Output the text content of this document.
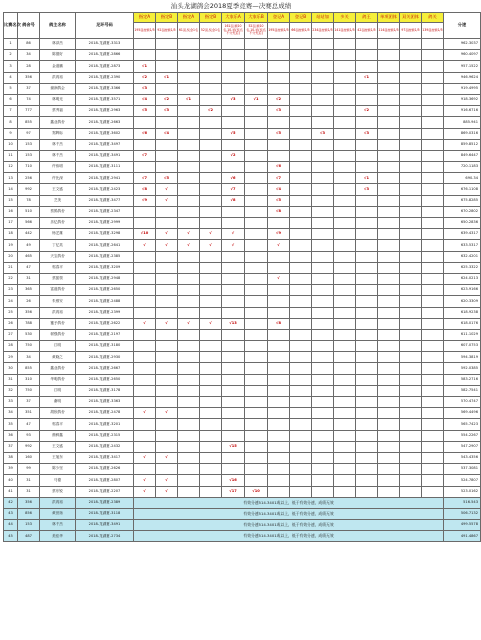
汕头龙湖鸽会2018夏季竞赛—决赛总成绩
比赛名次	鸽舍号	鸽主名称	足环号码	指定A	指定B	指定A	指定B	大家乐A	大家乐B	登记A	登记B	站站加	多关	鸽王	单项团体	双关团体	鸽关	分速
				195羽按额1/5	92羽按额1/5	61羽,奖金1名	52羽,奖金1名	161羽,额10名,10-奖(奖名不分先后)	52羽,额10名,10-奖(奖名不分先后)	195羽按额1/5	66羽按额1/5	234羽按额1/5	141羽按额1/5	42羽按额1/5	114羽按额1/5	97羽按额1/5	139羽按额1/5	
1	86	林泽杰	2018-龙湖夏-3313															962.3037
2	34	陈德好	2018-龙湖夏-2866															960.4097
3	28	金道鹏	2018-龙湖夏-2873	√1														957.1522
4	356	洪再裕	2018-龙湖夏-2390	√2	√1									√1				946.9624
5	37	谢润鸽会	2018-龙湖夏-3366	√3														919.4995
6	74	林明光	2018-龙湖夏-3571	√4	√2	√1		√3	√1	√2								918.3692
7	777	蔡秀福	2018-龙湖夏-2963	√5	√3		√2			√3				√2				916.6716
8	855	鑫业鸽舍	2018-龙湖夏-2663															885.941
9	97	郑辉标	2018-龙湖夏-3602	√6	√4			√5		√5		√3		√3				869.0316
10	153	林千杰	2018-龙湖夏-3497															859.8512
11	153	林千杰	2018-龙湖夏-3491	√7				√2										849.6447
12	710	许伟明	2018-龙湖夏-3111							√6								720.1183
13	256	许比深	2018-龙湖夏-2941	√7	√5			√6		√7				√1				690.34
14	992	王文盛	2018-龙湖夏-2423	√8	√			√7		√4				√3				676.1108
15	78	芝美	2018-龙湖夏-3477	√9	√			√8		√5								675.8285
16	510	蔡鸽鸽舍	2018-龙湖夏-2347							√8								670.2802
17	566	乐亿鸽舍	2018-龙湖夏-2999															650.2836
18	442	杨艺雄	2018-龙湖夏-3298	√10	√	√	√	√		√9								639.4317
19	49	丁亿英	2018-龙湖夏-2641	√	√	√	√	√		√								633.5317
20	465	天宝鸽舍	2018-龙湖夏-2385															632.4201
21	47	郭春平	2018-龙湖夏-3209															625.3322
22	31	蔡振领	2018-龙湖夏-2948							√								624.0213
23	365	富道鸽舍	2018-龙湖夏-2650															623.9166
24	26	朱维安	2018-龙湖夏-2488															620.3309
25	356	洪再裕	2018-龙湖夏-2399															618.9238
26	788	蹇予鸽舍	2018-龙湖夏-2622	√	√	√	√	√13		√8								618.0176
27	530	树强鸽舍	2018-龙湖夏-2197															611.1029
28	750	江明	2018-龙湖夏-3180															607.0753
29	34	黄晓之	2018-龙湖夏-2930															594.3819
30	855	鑫业鸽舍	2018-龙湖夏-2667															592.0385
31	310	华明鸽舍	2018-龙湖夏-2650															583.2716
32	750	江明	2018-龙湖夏-3178															582.7541
33	37	谢明	2018-龙湖夏-3363															570.4747
34	351	胡欣鸽舍	2018-龙湖夏-2478	√	√													569.4496
35	47	郭春平	2018-龙湖夏-3201															565.7423
36	93	鼎鲜鑫	2018-龙湖夏-2315															554.2267
37	992	王文盛	2018-龙湖夏-2432					√15										547.2907
38	160	王旭东	2018-龙湖夏-3417	√	√													543.4356
39	99	陈少坚	2018-龙湖夏-2626															537.3081
40	31	马德	2018-龙湖夏-2807	√	√			√16										524.7807
41	31	蔡东锐	2018-龙湖夏-2207	√	√			√17	√10									523.0162
42	356	洪再裕	2018-龙湖夏-2389	有效分速514.3401或以上，低于有效分速，成绩无效														516.543
43	856	黄世扬	2018-龙湖夏-3118	有效分速514.3401或以上，低于有效分速，成绩无效														506.7132
44	153	林千杰	2018-龙湖夏-3491	有效分速514.3401或以上，低于有效分速，成绩无效														499.5578
45	487	美佳华	2018-龙湖夏-2734	有效分速514.3401或以上，低于有效分速，成绩无效														491.4867
